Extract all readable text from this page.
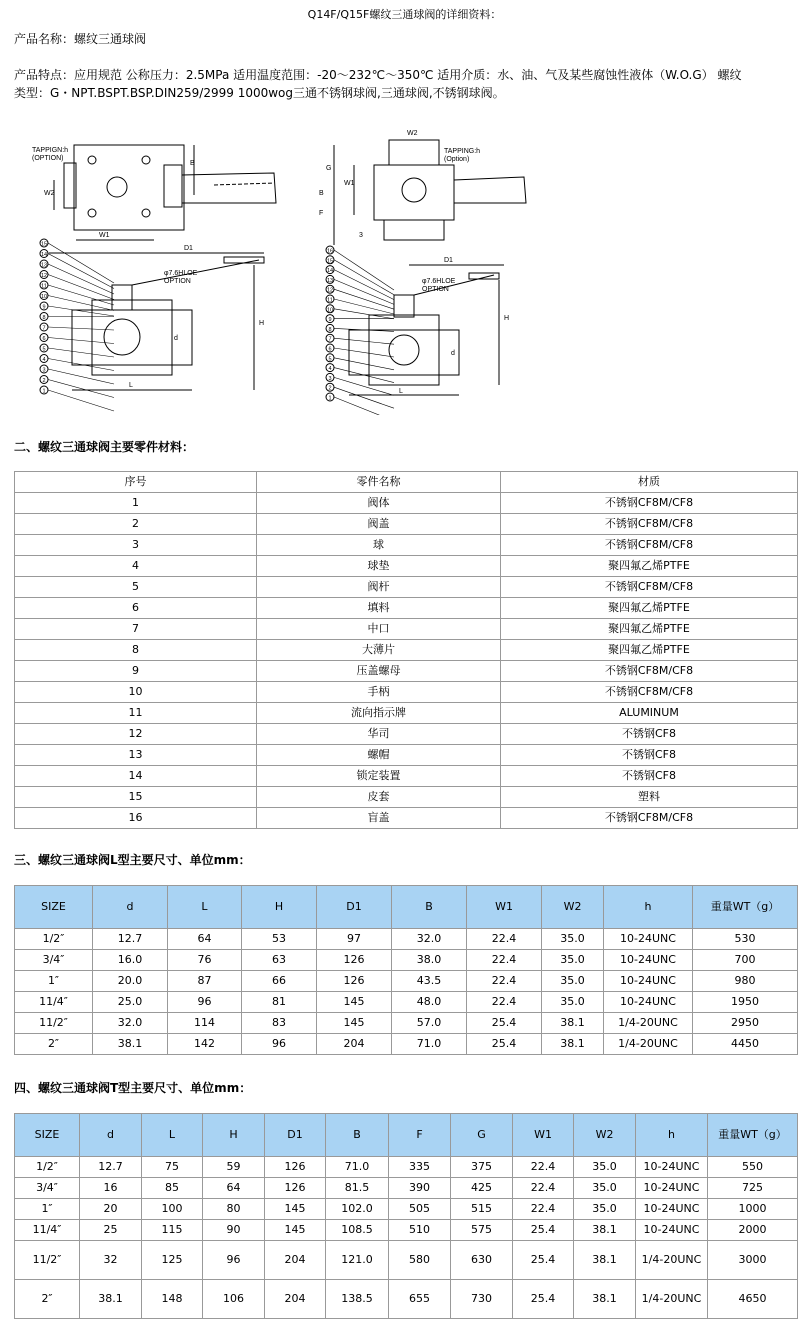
Q14F/Q15F螺纹三通球阀的详细资料：
产品名称：螺纹三通球阀
产品特点：应用规范 公称压力：2.5MPa 适用温度范围：-20～232℃～350℃ 适用介质：水、油、气及某些腐蚀性液体（W.O.G） 螺纹
类型：G・NPT.BSPT.BSP.DIN259/2999 1000wog三通不锈钢球阀,三通球阀,不锈钢球阀。
TAPPIGN:h
(OPTION)
W2
W1
B
D1
φ7.6HLOE
OPTION
H
L
d
15
14
13
12
11
10
9
8
7
6
5
4
3
2
1
W2
G
W1
B
F
3
TAPPING:h
(Option)
D1
φ7.6HLOE
OPTION
H
L
d
16
15
14
13
12
11
10
9
8
7
6
5
4
3
2
1
二、螺纹三通球阀主要零件材料：
序号	零件名称	材质
1	阀体	不锈钢CF8M/CF8
2	阀盖	不锈钢CF8M/CF8
3	球	不锈钢CF8M/CF8
4	球垫	聚四氟乙烯PTFE
5	阀杆	不锈钢CF8M/CF8
6	填料	聚四氟乙烯PTFE
7	中口	聚四氟乙烯PTFE
8	大薄片	聚四氟乙烯PTFE
9	压盖螺母	不锈钢CF8M/CF8
10	手柄	不锈钢CF8M/CF8
11	流向指示牌	ALUMINUM
12	华司	不锈钢CF8
13	螺帽	不锈钢CF8
14	锁定装置	不锈钢CF8
15	皮套	塑料
16	盲盖	不锈钢CF8M/CF8
三、螺纹三通球阀L型主要尺寸、单位mm：
SIZE	d	L	H	D1	B	W1	W2	h	重量WT（g）
1/2″	12.7	64	53	97	32.0	22.4	35.0	10-24UNC	530
3/4″	16.0	76	63	126	38.0	22.4	35.0	10-24UNC	700
1″	20.0	87	66	126	43.5	22.4	35.0	10-24UNC	980
11/4″	25.0	96	81	145	48.0	22.4	35.0	10-24UNC	1950
11/2″	32.0	114	83	145	57.0	25.4	38.1	1/4-20UNC	2950
2″	38.1	142	96	204	71.0	25.4	38.1	1/4-20UNC	4450
四、螺纹三通球阀T型主要尺寸、单位mm：
SIZE	d	L	H	D1	B	F	G	W1	W2	h	重量WT（g）
1/2″	12.7	75	59	126	71.0	335	375	22.4	35.0	10-24UNC	550
3/4″	16	85	64	126	81.5	390	425	22.4	35.0	10-24UNC	725
1″	20	100	80	145	102.0	505	515	22.4	35.0	10-24UNC	1000
11/4″	25	115	90	145	108.5	510	575	25.4	38.1	10-24UNC	2000
11/2″	32	125	96	204	121.0	580	630	25.4	38.1	1/4-20UNC	3000
2″	38.1	148	106	204	138.5	655	730	25.4	38.1	1/4-20UNC	4650
